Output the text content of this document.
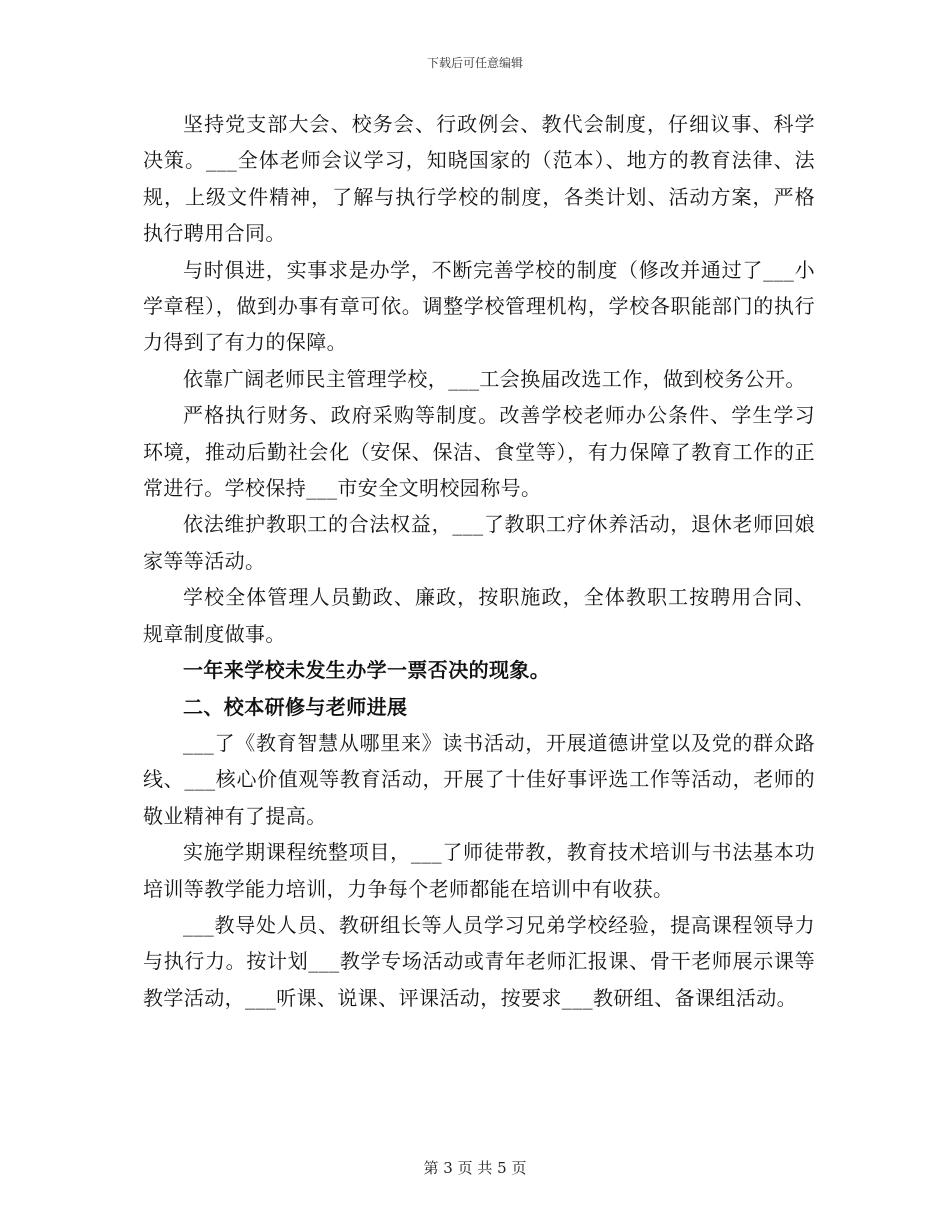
下载后可任意编辑

坚持党支部大会、校务会、行政例会、教代会制度，仔细议事、科学决策。___全体老师会议学习，知晓国家的（范本）、地方的教育法律、法规，上级文件精神，了解与执行学校的制度，各类计划、活动方案，严格执行聘用合同。

与时俱进，实事求是办学，不断完善学校的制度（修改并通过了___小学章程），做到办事有章可依。调整学校管理机构，学校各职能部门的执行力得到了有力的保障。

依靠广阔老师民主管理学校，___工会换届改选工作，做到校务公开。

严格执行财务、政府采购等制度。改善学校老师办公条件、学生学习环境，推动后勤社会化（安保、保洁、食堂等），有力保障了教育工作的正常进行。学校保持___市安全文明校园称号。

依法维护教职工的合法权益，___了教职工疗休养活动，退休老师回娘家等等活动。

学校全体管理人员勤政、廉政，按职施政，全体教职工按聘用合同、规章制度做事。

一年来学校未发生办学一票否决的现象。

二、校本研修与老师进展

___了《教育智慧从哪里来》读书活动，开展道德讲堂以及党的群众路线、___核心价值观等教育活动，开展了十佳好事评选工作等活动，老师的敬业精神有了提高。

实施学期课程统整项目，___了师徒带教，教育技术培训与书法基本功培训等教学能力培训，力争每个老师都能在培训中有收获。

___教导处人员、教研组长等人员学习兄弟学校经验，提高课程领导力与执行力。按计划___教学专场活动或青年老师汇报课、骨干老师展示课等教学活动，___听课、说课、评课活动，按要求___教研组、备课组活动。

第 3 页 共 5 页
